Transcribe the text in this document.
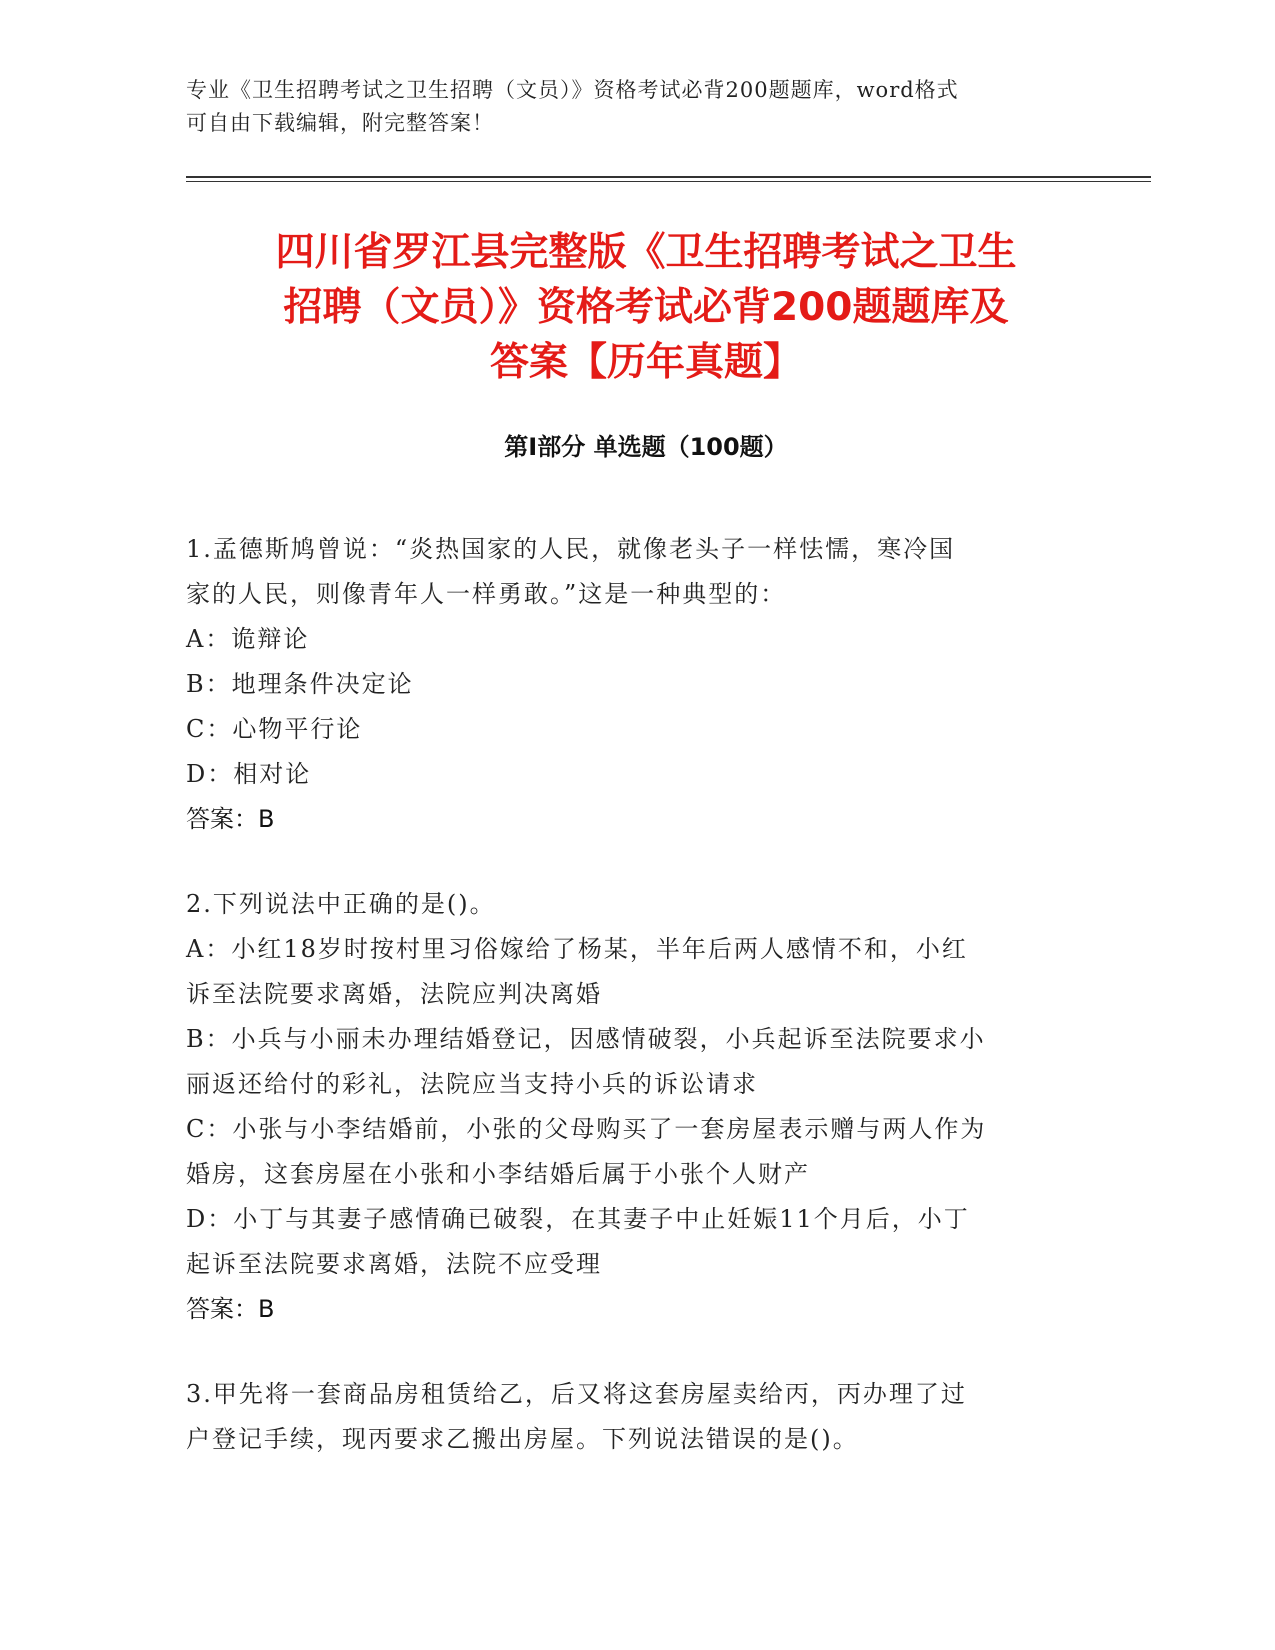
专业《卫生招聘考试之卫生招聘（文员）》资格考试必背200题题库，word格式
可自由下载编辑，附完整答案！
四川省罗江县完整版《卫生招聘考试之卫生
招聘（文员）》资格考试必背200题题库及
答案【历年真题】
第Ⅰ部分 单选题（100题）

1.孟德斯鸠曾说：“炎热国家的人民，就像老头子一样怯懦，寒冷国

家的人民，则像青年人一样勇敢。”这是一种典型的：

A：诡辩论

B：地理条件决定论

C：心物平行论

D：相对论

答案：B

2.下列说法中正确的是()。

A：小红18岁时按村里习俗嫁给了杨某，半年后两人感情不和，小红

诉至法院要求离婚，法院应判决离婚

B：小兵与小丽未办理结婚登记，因感情破裂，小兵起诉至法院要求小

丽返还给付的彩礼，法院应当支持小兵的诉讼请求

C：小张与小李结婚前，小张的父母购买了一套房屋表示赠与两人作为

婚房，这套房屋在小张和小李结婚后属于小张个人财产

D：小丁与其妻子感情确已破裂，在其妻子中止妊娠11个月后，小丁

起诉至法院要求离婚，法院不应受理

答案：B

3.甲先将一套商品房租赁给乙，后又将这套房屋卖给丙，丙办理了过

户登记手续，现丙要求乙搬出房屋。下列说法错误的是()。
